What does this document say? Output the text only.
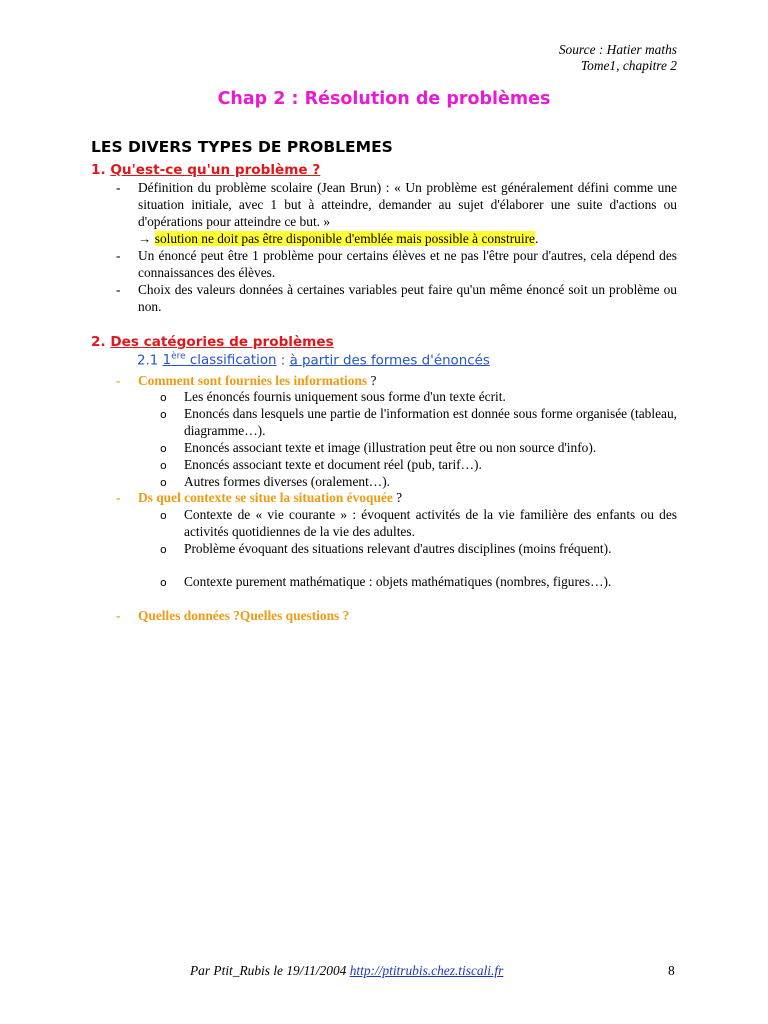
Source : Hatier maths
Tome1, chapitre 2
Chap 2 : Résolution de problèmes
LES DIVERS TYPES DE PROBLEMES
1. Qu'est-ce qu'un problème ?
- Définition du problème scolaire (Jean Brun) : « Un problème est généralement défini comme une situation initiale, avec 1 but à atteindre, demander au sujet d'élaborer une suite d'actions ou d'opérations pour atteindre ce but. »
→ solution ne doit pas être disponible d'emblée mais possible à construire.
- Un énoncé peut être 1 problème pour certains élèves et ne pas l'être pour d'autres, cela dépend des connaissances des élèves.
- Choix des valeurs données à certaines variables peut faire qu'un même énoncé soit un problème ou non.
2. Des catégories de problèmes
2.1 1ère classification : à partir des formes d'énoncés
- Comment sont fournies les informations ?
o Les énoncés fournis uniquement sous forme d'un texte écrit.
o Enoncés dans lesquels une partie de l'information est donnée sous forme organisée (tableau, diagramme…).
o Enoncés associant texte et image (illustration peut être ou non source d'info).
o Enoncés associant texte et document réel (pub, tarif…).
o Autres formes diverses (oralement…).
- Ds quel contexte se situe la situation évoquée ?
o Contexte de « vie courante » : évoquent activités de la vie familière des enfants ou des activités quotidiennes de la vie des adultes.
o Problème évoquant des situations relevant d'autres disciplines (moins fréquent).
o Contexte purement mathématique : objets mathématiques (nombres, figures…).
- Quelles données ?Quelles questions ?
Par Ptit_Rubis le 19/11/2004 http://ptitrubis.chez.tiscali.fr	8
